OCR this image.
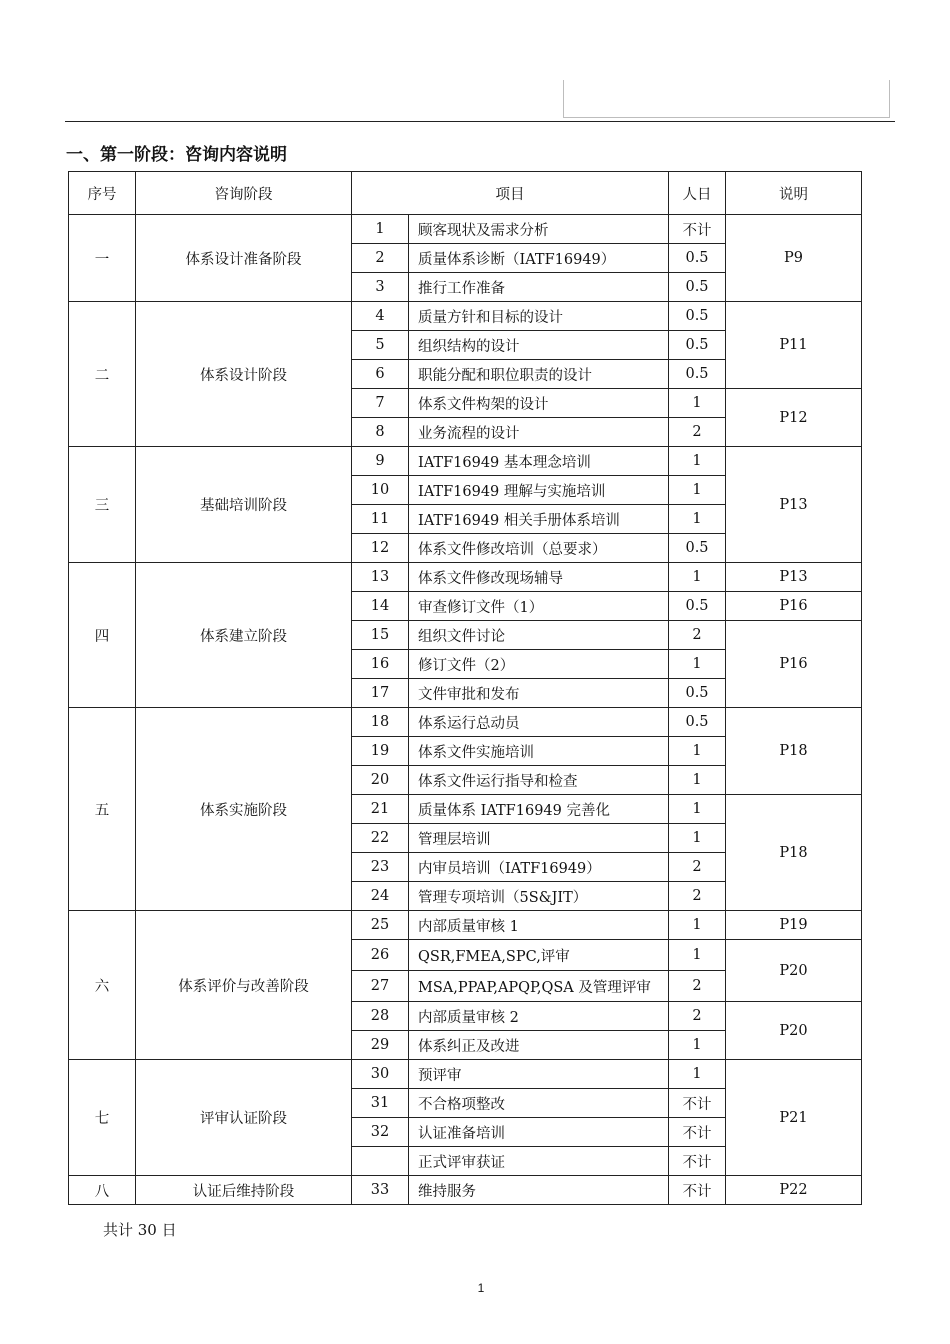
一、第一阶段：咨询内容说明
序号	咨询阶段	项目		人日	说明
一	体系设计准备阶段	1	顾客现状及需求分析	不计	P9
		2	质量体系诊断（IATF16949）	0.5	
		3	推行工作准备	0.5	
二	体系设计阶段	4	质量方针和目标的设计	0.5	P11
		5	组织结构的设计	0.5	
		6	职能分配和职位职责的设计	0.5	
		7	体系文件构架的设计	1	P12
		8	业务流程的设计	2	
三	基础培训阶段	9	IATF16949 基本理念培训	1	P13
		10	IATF16949 理解与实施培训	1	
		11	IATF16949 相关手册体系培训	1	
		12	体系文件修改培训（总要求）	0.5	
四	体系建立阶段	13	体系文件修改现场辅导	1	P13
		14	审查修订文件（1）	0.5	P16
		15	组织文件讨论	2	P16
		16	修订文件（2）	1	
		17	文件审批和发布	0.5	
五	体系实施阶段	18	体系运行总动员	0.5	P18
		19	体系文件实施培训	1	
		20	体系文件运行指导和检查	1	
		21	质量体系 IATF16949 完善化	1	P18
		22	管理层培训	1	
		23	内审员培训（IATF16949）	2	
		24	管理专项培训（5S&JIT）	2	
六	体系评价与改善阶段	25	内部质量审核 1	1	P19
		26	QSR,FMEA,SPC,评审	1	P20
		27	MSA,PPAP,APQP,QSA 及管理评审	2	
		28	内部质量审核 2	2	P20
		29	体系纠正及改进	1	
七	评审认证阶段	30	预评审	1	P21
		31	不合格项整改	不计	
		32	认证准备培训	不计	
			正式评审获证	不计	
八	认证后维持阶段	33	维持服务	不计	P22
共计 30 日
1
